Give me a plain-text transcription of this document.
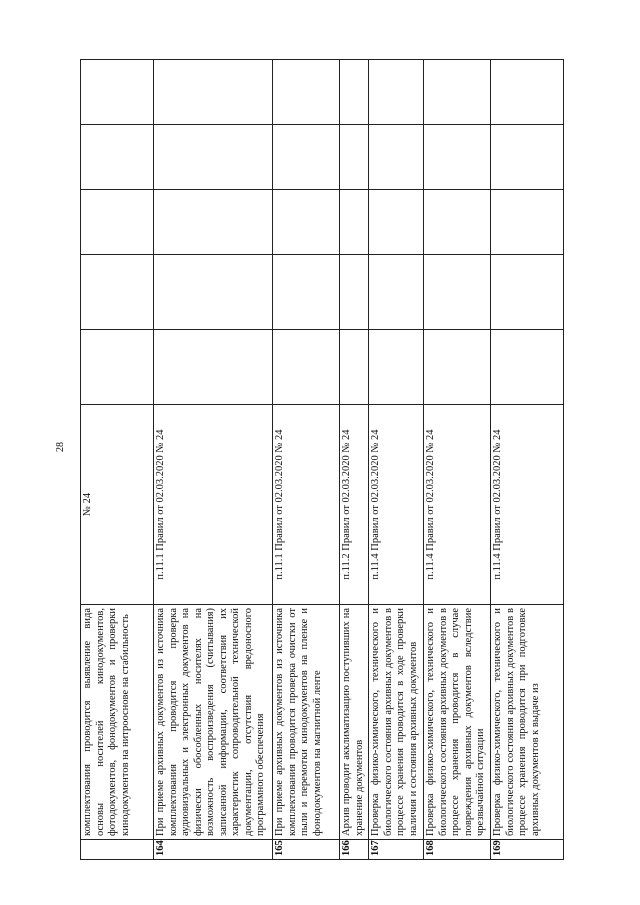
28
	комплектования проводится выявление вида основы носителей кинодокументов, фотодокументов, фонодокументов и проверки кинодокументов на нитрооснове на стабильность	№ 24					
164	При приеме архивных документов из источника комплектования проводится проверка аудиовизуальных и электронных документов на физически обособленных носителях на возможность воспроизведения (считывания) записанной информации, соответствия их характеристик сопроводительной технической документации, отсутствия вредоносного программного обеспечения	п.11.1 Правил от 02.03.2020 № 24					
165	При приеме архивных документов из источника комплектования проводится проверка очистки от пыли и перемотки кинодокументов на пленке и фонодокументов на магнитной ленте	п.11.1 Правил от 02.03.2020 № 24					
166	Архив проводит акклиматизацию поступивших на хранение документов	п.11.2 Правил от 02.03.2020 № 24					
167	Проверка физико-химического, технического и биологического состояния архивных документов в процессе хранения проводится в ходе проверки наличия и состояния архивных документов	п.11.4 Правил от 02.03.2020 № 24					
168	Проверка физико-химического, технического и биологического состояния архивных документов в процессе хранения проводится в случае повреждения архивных документов вследствие чрезвычайной ситуации	п.11.4 Правил от 02.03.2020 № 24					
169	Проверка физико-химического, технического и биологического состояния архивных документов в процессе хранения проводится при подготовке архивных документов к выдаче из	п.11.4 Правил от 02.03.2020 № 24					
